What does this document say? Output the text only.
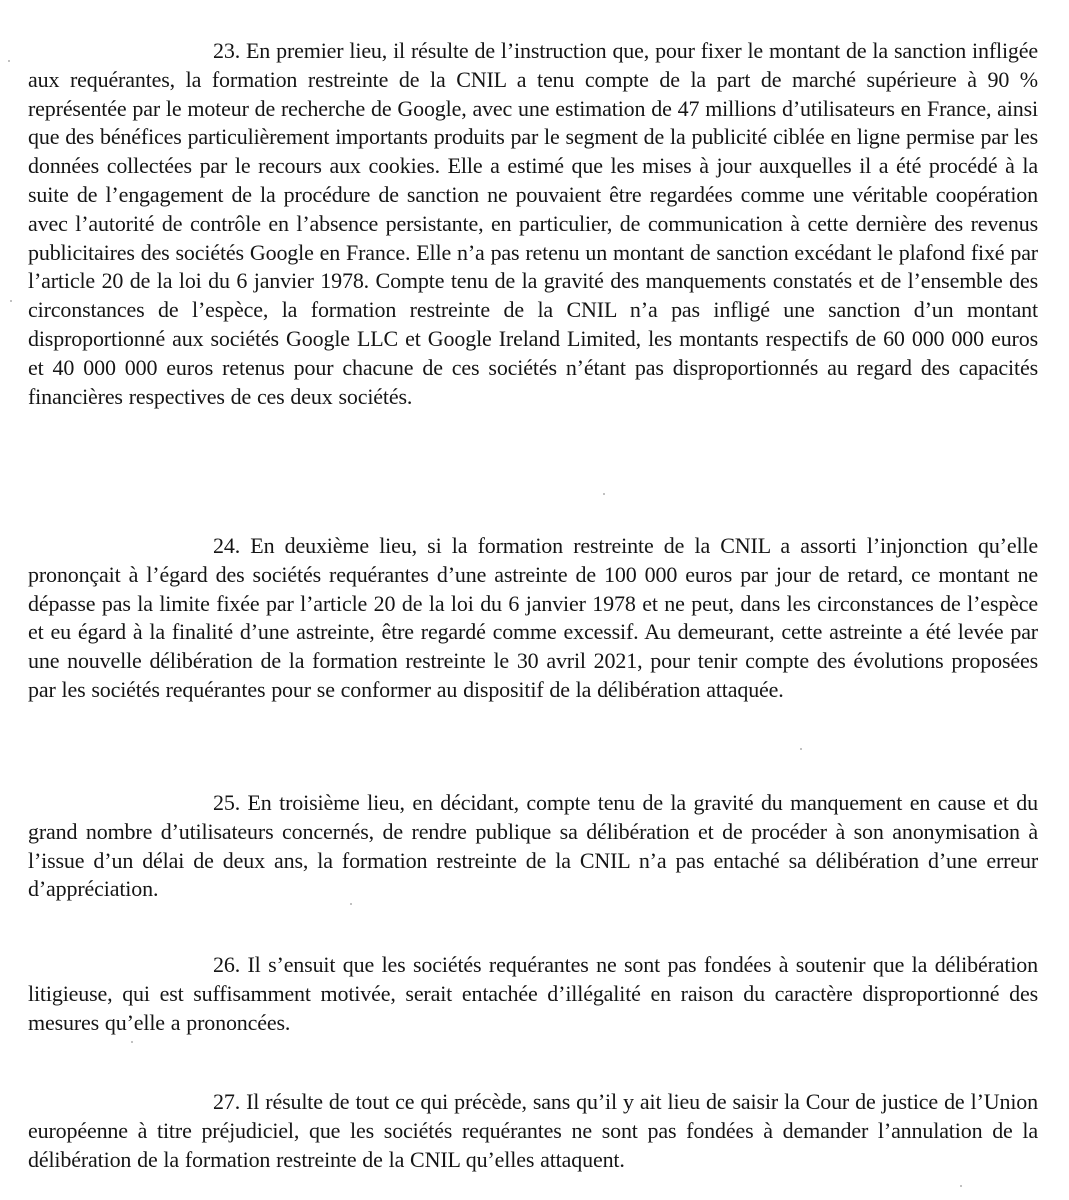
23. En premier lieu, il résulte de l’instruction que, pour fixer le montant de la sanction infligée aux requérantes, la formation restreinte de la CNIL a tenu compte de la part de marché supérieure à 90 % représentée par le moteur de recherche de Google, avec une estimation de 47 millions d’utilisateurs en France, ainsi que des bénéfices particulièrement importants produits par le segment de la publicité ciblée en ligne permise par les données collectées par le recours aux cookies. Elle a estimé que les mises à jour auxquelles il a été procédé à la suite de l’engagement de la procédure de sanction ne pouvaient être regardées comme une véritable coopération avec l’autorité de contrôle en l’absence persistante, en particulier, de communication à cette dernière des revenus publicitaires des sociétés Google en France. Elle n’a pas retenu un montant de sanction excédant le plafond fixé par l’article 20 de la loi du 6 janvier 1978. Compte tenu de la gravité des manquements constatés et de l’ensemble des circonstances de l’espèce, la formation restreinte de la CNIL n’a pas infligé une sanction d’un montant disproportionné aux sociétés Google LLC et Google Ireland Limited, les montants respectifs de 60 000 000 euros et 40 000 000 euros retenus pour chacune de ces sociétés n’étant pas disproportionnés au regard des capacités financières respectives de ces deux sociétés.

24. En deuxième lieu, si la formation restreinte de la CNIL a assorti l’injonction qu’elle prononçait à l’égard des sociétés requérantes d’une astreinte de 100 000 euros par jour de retard, ce montant ne dépasse pas la limite fixée par l’article 20 de la loi du 6 janvier 1978 et ne peut, dans les circonstances de l’espèce et eu égard à la finalité d’une astreinte, être regardé comme excessif. Au demeurant, cette astreinte a été levée par une nouvelle délibération de la formation restreinte le 30 avril 2021, pour tenir compte des évolutions proposées par les sociétés requérantes pour se conformer au dispositif de la délibération attaquée.

25. En troisième lieu, en décidant, compte tenu de la gravité du manquement en cause et du grand nombre d’utilisateurs concernés, de rendre publique sa délibération et de procéder à son anonymisation à l’issue d’un délai de deux ans, la formation restreinte de la CNIL n’a pas entaché sa délibération d’une erreur d’appréciation.

26. Il s’ensuit que les sociétés requérantes ne sont pas fondées à soutenir que la délibération litigieuse, qui est suffisamment motivée, serait entachée d’illégalité en raison du caractère disproportionné des mesures qu’elle a prononcées.

27. Il résulte de tout ce qui précède, sans qu’il y ait lieu de saisir la Cour de justice de l’Union européenne à titre préjudiciel, que les sociétés requérantes ne sont pas fondées à demander l’annulation de la délibération de la formation restreinte de la CNIL qu’elles attaquent.
